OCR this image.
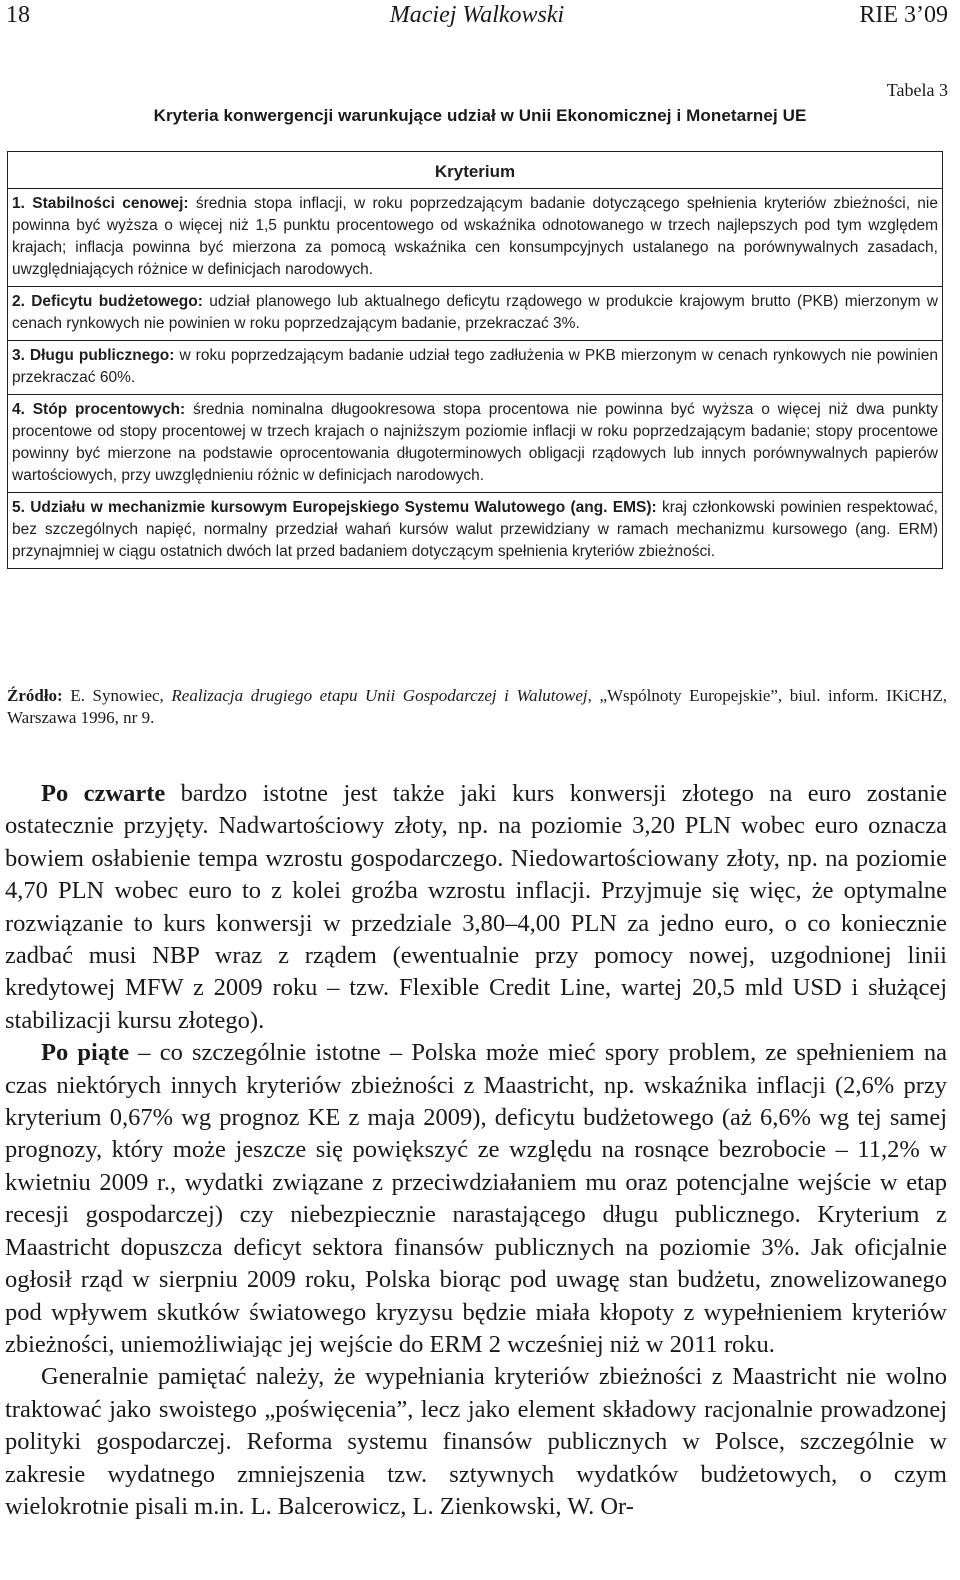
18	Maciej Walkowski	RIE 3’09
Tabela 3
Kryteria konwergencji warunkujące udział w Unii Ekonomicznej i Monetarnej UE
Kryterium
1. Stabilności cenowej: średnia stopa inflacji, w roku poprzedzającym badanie dotyczącego spełnienia kryteriów zbieżności, nie powinna być wyższa o więcej niż 1,5 punktu procentowego od wskaźnika odnotowanego w trzech najlepszych pod tym względem krajach; inflacja powinna być mierzona za pomocą wskaźnika cen konsumpcyjnych ustalanego na porównywalnych zasadach, uwzględniających różnice w definicjach narodowych.
2. Deficytu budżetowego: udział planowego lub aktualnego deficytu rządowego w produkcie krajowym brutto (PKB) mierzonym w cenach rynkowych nie powinien w roku poprzedzającym badanie, przekraczać 3%.
3. Długu publicznego: w roku poprzedzającym badanie udział tego zadłużenia w PKB mierzonym w cenach rynkowych nie powinien przekraczać 60%.
4. Stóp procentowych: średnia nominalna długookresowa stopa procentowa nie powinna być wyższa o więcej niż dwa punkty procentowe od stopy procentowej w trzech krajach o najniższym poziomie inflacji w roku poprzedzającym badanie; stopy procentowe powinny być mierzone na podstawie oprocentowania długoterminowych obligacji rządowych lub innych porównywalnych papierów wartościowych, przy uwzględnieniu różnic w definicjach narodowych.
5. Udziału w mechanizmie kursowym Europejskiego Systemu Walutowego (ang. EMS): kraj członkowski powinien respektować, bez szczególnych napięć, normalny przedział wahań kursów walut przewidziany w ramach mechanizmu kursowego (ang. ERM) przynajmniej w ciągu ostatnich dwóch lat przed badaniem dotyczącym spełnienia kryteriów zbieżności.
Źródło: E. Synowiec, Realizacja drugiego etapu Unii Gospodarczej i Walutowej, „Wspólnoty Europejskie”, biul. inform. IKiCHZ, Warszawa 1996, nr 9.

Po czwarte bardzo istotne jest także jaki kurs konwersji złotego na euro zostanie ostatecznie przyjęty. Nadwartościowy złoty, np. na poziomie 3,20 PLN wobec euro oznacza bowiem osłabienie tempa wzrostu gospodarczego. Niedowartościowany złoty, np. na poziomie 4,70 PLN wobec euro to z kolei groźba wzrostu inflacji. Przyjmuje się więc, że optymalne rozwiązanie to kurs konwersji w przedziale 3,80–4,00 PLN za jedno euro, o co koniecznie zadbać musi NBP wraz z rządem (ewentualnie przy pomocy nowej, uzgodnionej linii kredytowej MFW z 2009 roku – tzw. Flexible Credit Line, wartej 20,5 mld USD i służącej stabilizacji kursu złotego).

Po piąte – co szczególnie istotne – Polska może mieć spory problem, ze spełnieniem na czas niektórych innych kryteriów zbieżności z Maastricht, np. wskaźnika inflacji (2,6% przy kryterium 0,67% wg prognoz KE z maja 2009), deficytu budżetowego (aż 6,6% wg tej samej prognozy, który może jeszcze się powiększyć ze względu na rosnące bezrobocie – 11,2% w kwietniu 2009 r., wydatki związane z przeciwdziałaniem mu oraz potencjalne wejście w etap recesji gospodarczej) czy niebezpiecznie narastającego długu publicznego. Kryterium z Maastricht dopuszcza deficyt sektora finansów publicznych na poziomie 3%. Jak oficjalnie ogłosił rząd w sierpniu 2009 roku, Polska biorąc pod uwagę stan budżetu, znowelizowanego pod wpływem skutków światowego kryzysu będzie miała kłopoty z wypełnieniem kryteriów zbieżności, uniemożliwiając jej wejście do ERM 2 wcześniej niż w 2011 roku.

Generalnie pamiętać należy, że wypełniania kryteriów zbieżności z Maastricht nie wolno traktować jako swoistego „poświęcenia”, lecz jako element składowy racjonalnie prowadzonej polityki gospodarczej. Reforma systemu finansów publicznych w Polsce, szczególnie w zakresie wydatnego zmniejszenia tzw. sztywnych wydatków budżetowych, o czym wielokrotnie pisali m.in. L. Balcerowicz, L. Zienkowski, W. Or-
